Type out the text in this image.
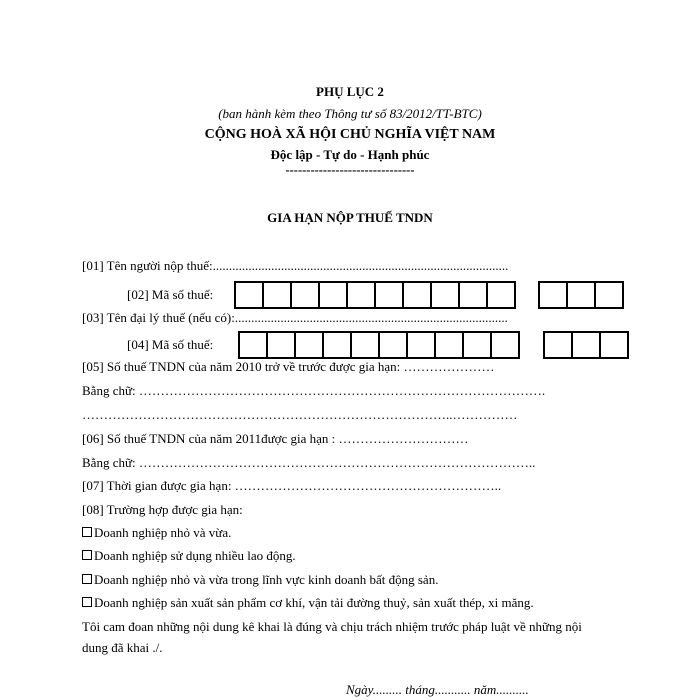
PHỤ LỤC 2
(ban hành kèm theo Thông tư số 83/2012/TT-BTC)
CỘNG HOÀ XÃ HỘI CHỦ NGHĨA VIỆT NAM
Độc lập - Tự do - Hạnh phúc
-------------------------------
GIA HẠN NỘP THUẾ TNDN
[01] Tên người nộp thuế:...........................................................................................
[02] Mã số thuế:
[03] Tên đại lý thuế (nếu có):....................................................................................
[04] Mã số thuế:
[05] Số thuế TNDN của năm 2010 trở về trước được gia hạn: …………………
Bằng chữ: ………………………………………………………………………………….
…………………………………………………………………………..……………
[06] Số thuế TNDN của năm 2011được gia hạn : …………………………
Bằng chữ: ………………………………………………………………………………..
[07] Thời gian được gia hạn: ……………………………………………………..
[08] Trường hợp được gia hạn:
Doanh nghiệp nhỏ và vừa.
Doanh nghiệp sử dụng nhiều lao động.
Doanh nghiệp nhỏ và vừa trong lĩnh vực kinh doanh bất động sản.
Doanh nghiệp sản xuất sản phẩm cơ khí, vận tải đường thuỷ, sản xuất thép, xi măng.
Tôi cam đoan những nội dung kê khai là đúng và chịu trách nhiệm trước pháp luật về những nội
dung đã khai ./.
Ngày......... tháng........... năm..........
